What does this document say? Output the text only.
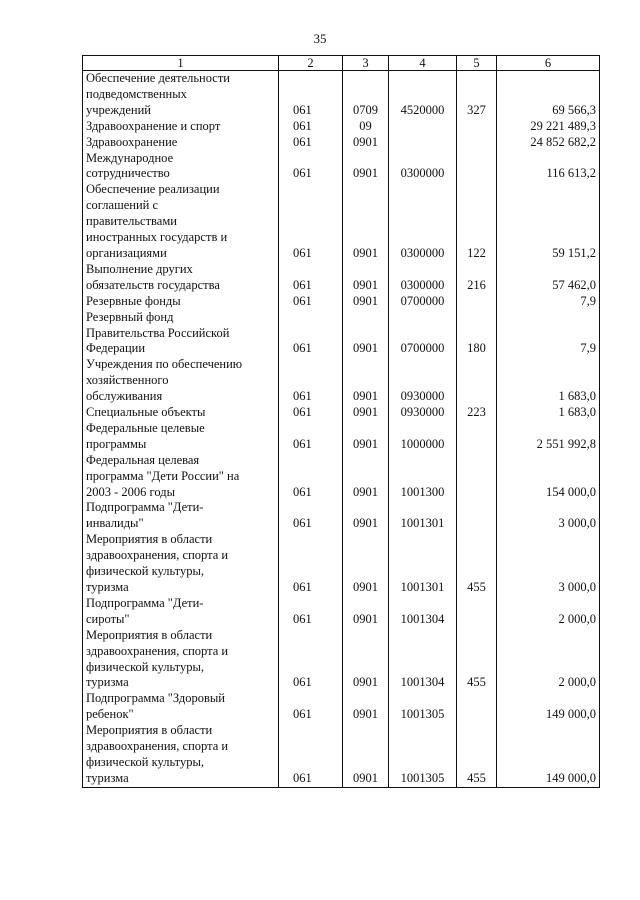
35
1	2	3	4	5	6

Обеспечение деятельности
подведомственных
учреждений	061	0709	4520000	327	69 566,3

Здравоохранение и спорт	061	09			29 221 489,3

Здравоохранение	061	0901			24 852 682,2

Международное
сотрудничество	061	0901	0300000		116 613,2

Обеспечение реализации
соглашений с
правительствами
иностранных государств и
организациями	061	0901	0300000	122	59 151,2

Выполнение других
обязательств государства	061	0901	0300000	216	57 462,0

Резервные фонды	061	0901	0700000		7,9

Резервный фонд
Правительства Российской
Федерации	061	0901	0700000	180	7,9

Учреждения по обеспечению
хозяйственного
обслуживания	061	0901	0930000		1 683,0

Специальные объекты	061	0901	0930000	223	1 683,0

Федеральные целевые
программы	061	0901	1000000		2 551 992,8

Федеральная целевая
программа "Дети России" на
2003 - 2006 годы	061	0901	1001300		154 000,0

Подпрограмма "Дети-
инвалиды"	061	0901	1001301		3 000,0

Мероприятия в области
здравоохранения, спорта и
физической культуры,
туризма	061	0901	1001301	455	3 000,0

Подпрограмма "Дети-
сироты"	061	0901	1001304		2 000,0

Мероприятия в области
здравоохранения, спорта и
физической культуры,
туризма	061	0901	1001304	455	2 000,0

Подпрограмма "Здоровый
ребенок"	061	0901	1001305		149 000,0

Мероприятия в области
здравоохранения, спорта и
физической культуры,
туризма	061	0901	1001305	455	149 000,0
